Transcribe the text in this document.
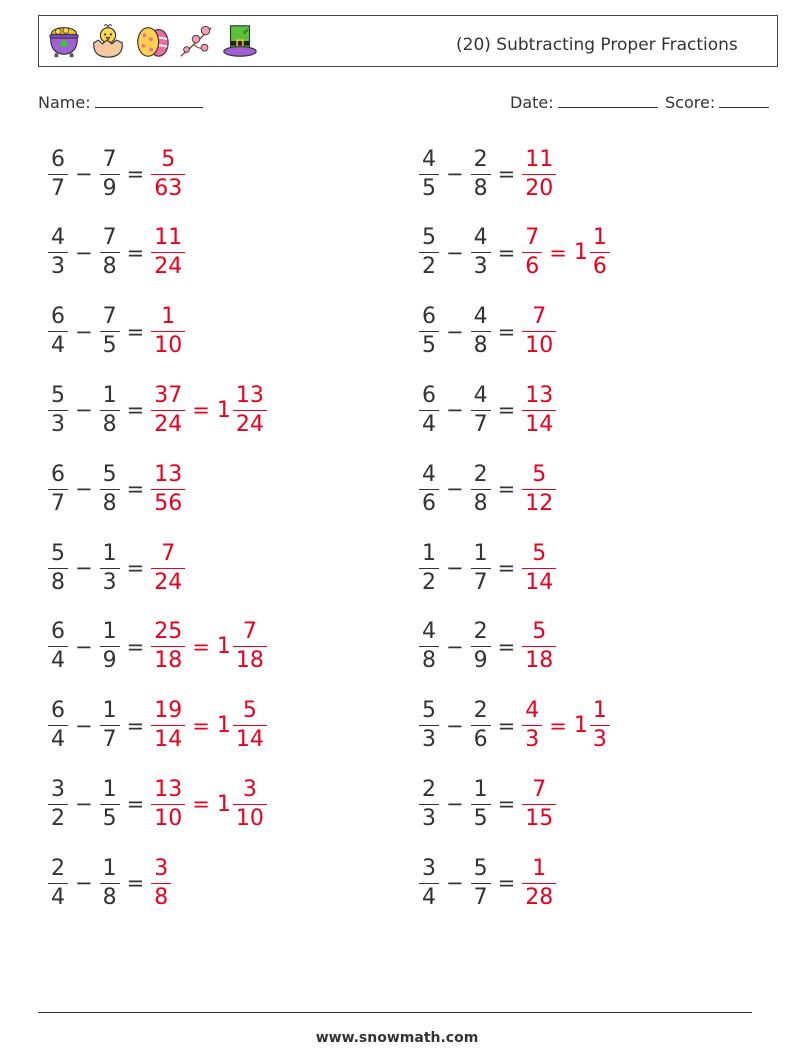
(20) Subtracting Proper Fractions
Name:	Date:	Score:
$\frac{6}{7} - \frac{7}{9} = \frac{5}{63}$	$\frac{4}{5} - \frac{2}{8} = \frac{11}{20}$
$\frac{4}{3} - \frac{7}{8} = \frac{11}{24}$	$\frac{5}{2} - \frac{4}{3} = \frac{7}{6} = 1 \frac{1}{6}$
$\frac{6}{4} - \frac{7}{5} = \frac{1}{10}$	$\frac{6}{5} - \frac{4}{8} = \frac{7}{10}$
$\frac{5}{3} - \frac{1}{8} = \frac{37}{24} = 1 \frac{13}{24}$	$\frac{6}{4} - \frac{4}{7} = \frac{13}{14}$
$\frac{6}{7} - \frac{5}{8} = \frac{13}{56}$	$\frac{4}{6} - \frac{2}{8} = \frac{5}{12}$
$\frac{5}{8} - \frac{1}{3} = \frac{7}{24}$	$\frac{1}{2} - \frac{1}{7} = \frac{5}{14}$
$\frac{6}{4} - \frac{1}{9} = \frac{25}{18} = 1 \frac{7}{18}$	$\frac{4}{8} - \frac{2}{9} = \frac{5}{18}$
$\frac{6}{4} - \frac{1}{7} = \frac{19}{14} = 1 \frac{5}{14}$	$\frac{5}{3} - \frac{2}{6} = \frac{4}{3} = 1 \frac{1}{3}$
$\frac{3}{2} - \frac{1}{5} = \frac{13}{10} = 1 \frac{3}{10}$	$\frac{2}{3} - \frac{1}{5} = \frac{7}{15}$
$\frac{2}{4} - \frac{1}{8} = \frac{3}{8}$	$\frac{3}{4} - \frac{5}{7} = \frac{1}{28}$
www.snowmath.com
